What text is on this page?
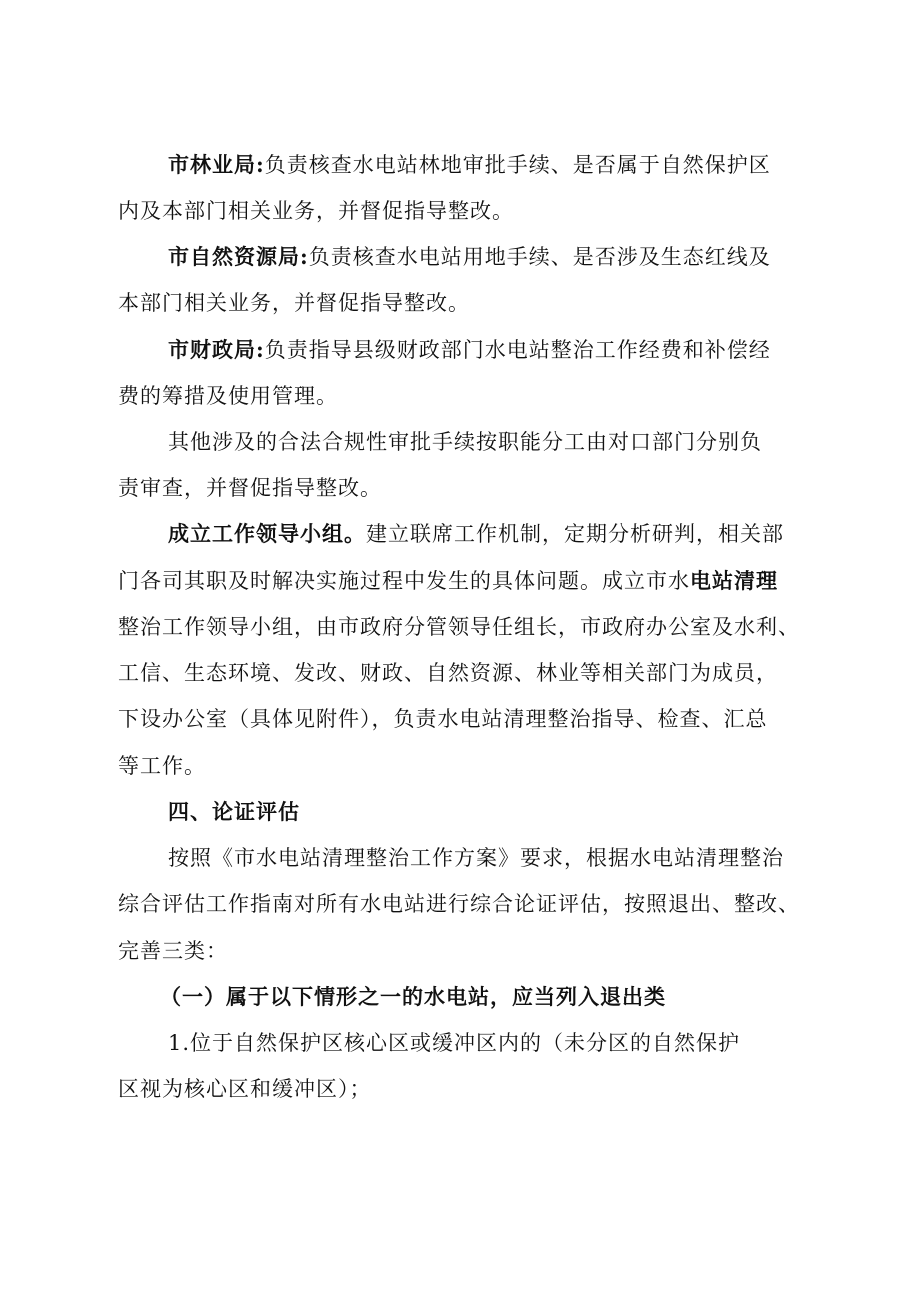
市林业局:负责核查水电站林地审批手续、是否属于自然保护区
内及本部门相关业务，并督促指导整改。
市自然资源局:负责核查水电站用地手续、是否涉及生态红线及
本部门相关业务，并督促指导整改。
市财政局:负责指导县级财政部门水电站整治工作经费和补偿经
费的筹措及使用管理。
其他涉及的合法合规性审批手续按职能分工由对口部门分别负
责审查，并督促指导整改。
成立工作领导小组。建立联席工作机制，定期分析研判，相关部
门各司其职及时解决实施过程中发生的具体问题。成立市水电站清理
整治工作领导小组，由市政府分管领导任组长，市政府办公室及水利、
工信、生态环境、发改、财政、自然资源、林业等相关部门为成员，
下设办公室（具体见附件），负责水电站清理整治指导、检查、汇总
等工作。
四、论证评估
按照《市水电站清理整治工作方案》要求，根据水电站清理整治
综合评估工作指南对所有水电站进行综合论证评估，按照退出、整改、
完善三类：
（一）属于以下情形之一的水电站，应当列入退出类
1.位于自然保护区核心区或缓冲区内的（未分区的自然保护
区视为核心区和缓冲区）；
